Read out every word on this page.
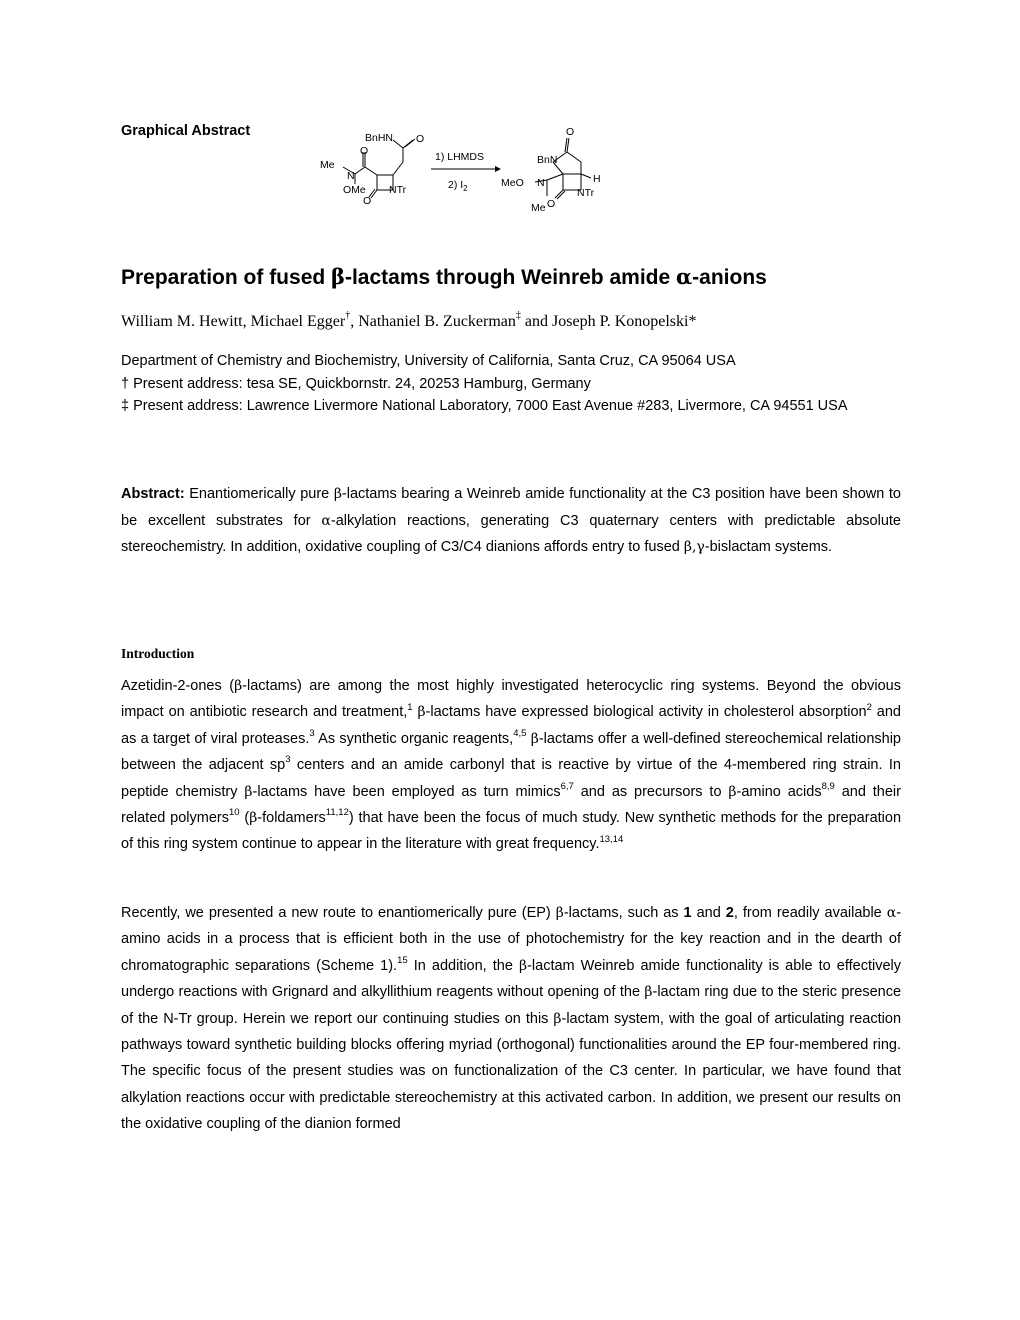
Graphical Abstract	BnHN O
O
Me
N
OMe NTr
O
1) LHMDS
2) $I_2$
O
BnN
MeO N	H
NTr
O
Me
Preparation of fused β-lactams through Weinreb amide α-anions
William M. Hewitt, Michael Egger†, Nathaniel B. Zuckerman‡ and Joseph P. Konopelski*
Department of Chemistry and Biochemistry, University of California, Santa Cruz, CA 95064 USA
† Present address: tesa SE, Quickbornstr. 24, 20253 Hamburg, Germany
‡ Present address: Lawrence Livermore National Laboratory, 7000 East Avenue #283, Livermore, CA 94551 USA
Abstract: Enantiomerically pure β-lactams bearing a Weinreb amide functionality at the C3 position have been shown to be excellent substrates for α-alkylation reactions, generating C3 quaternary centers with predictable absolute stereochemistry. In addition, oxidative coupling of C3/C4 dianions affords entry to fused β,γ-bislactam systems.
Introduction
Azetidin-2-ones (β-lactams) are among the most highly investigated heterocyclic ring systems. Beyond the obvious impact on antibiotic research and treatment,$^1$ β-lactams have expressed biological activity in cholesterol absorption$^2$ and as a target of viral proteases.$^3$ As synthetic organic reagents,$^{4,5}$ β-lactams offer a well-defined stereochemical relationship between the adjacent $sp^3$ centers and an amide carbonyl that is reactive by virtue of the 4-membered ring strain. In peptide chemistry β-lactams have been employed as turn mimics$^{6,7}$ and as precursors to β-amino acids$^{8,9}$ and their related polymers$^{10}$ (β-foldamers$^{11,12}$) that have been the focus of much study. New synthetic methods for the preparation of this ring system continue to appear in the literature with great frequency.$^{13,14}$
Recently, we presented a new route to enantiomerically pure (EP) β-lactams, such as 1 and 2, from readily available α-amino acids in a process that is efficient both in the use of photochemistry for the key reaction and in the dearth of chromatographic separations (Scheme 1).$^{15}$ In addition, the β-lactam Weinreb amide functionality is able to effectively undergo reactions with Grignard and alkyllithium reagents without opening of the β-lactam ring due to the steric presence of the N-Tr group. Herein we report our continuing studies on this β-lactam system, with the goal of articulating reaction pathways toward synthetic building blocks offering myriad (orthogonal) functionalities around the EP four-membered ring. The specific focus of the present studies was on functionalization of the C3 center. In particular, we have found that alkylation reactions occur with predictable stereochemistry at this activated carbon. In addition, we present our results on the oxidative coupling of the dianion formed
